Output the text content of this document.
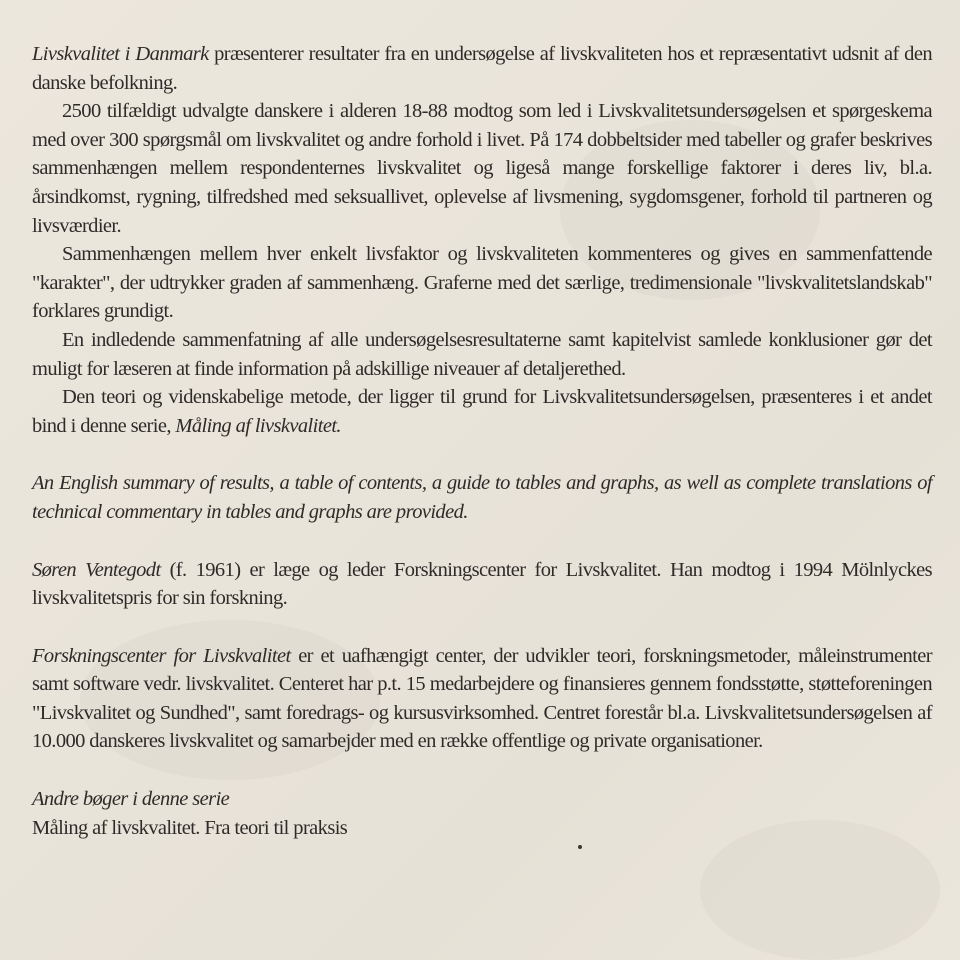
Livskvalitet i Danmark præsenterer resultater fra en undersøgelse af livskvaliteten hos et repræsentativt udsnit af den danske befolkning.

2500 tilfældigt udvalgte danskere i alderen 18-88 modtog som led i Livskvalitetsundersøgelsen et spørgeskema med over 300 spørgsmål om livskvalitet og andre forhold i livet. På 174 dobbeltsider med tabeller og grafer beskrives sammenhængen mellem respondenternes livskvalitet og ligeså mange forskellige faktorer i deres liv, bl.a. årsindkomst, rygning, tilfredshed med seksuallivet, oplevelse af livsmening, sygdomsgener, forhold til partneren og livsværdier.

Sammenhængen mellem hver enkelt livsfaktor og livskvaliteten kommenteres og gives en sammenfattende "karakter", der udtrykker graden af sammenhæng. Graferne med det særlige, tredimensionale "livskvalitetslandskab" forklares grundigt.

En indledende sammenfatning af alle undersøgelsesresultaterne samt kapitelvist samlede konklusioner gør det muligt for læseren at finde information på adskillige niveauer af detaljerethed.

Den teori og videnskabelige metode, der ligger til grund for Livskvalitetsundersøgelsen, præsenteres i et andet bind i denne serie, Måling af livskvalitet.

An English summary of results, a table of contents, a guide to tables and graphs, as well as complete translations of technical commentary in tables and graphs are provided.

Søren Ventegodt (f. 1961) er læge og leder Forskningscenter for Livskvalitet. Han modtog i 1994 Mölnlyckes livskvalitetspris for sin forskning.

Forskningscenter for Livskvalitet er et uafhængigt center, der udvikler teori, forskningsmetoder, måleinstrumenter samt software vedr. livskvalitet. Centeret har p.t. 15 medarbejdere og finansieres gennem fondsstøtte, støtteforeningen "Livskvalitet og Sundhed", samt foredrags- og kursusvirksomhed. Centret forestår bl.a. Livskvalitetsundersøgelsen af 10.000 danskeres livskvalitet og samarbejder med en række offentlige og private organisationer.

Andre bøger i denne serie

Måling af livskvalitet. Fra teori til praksis
